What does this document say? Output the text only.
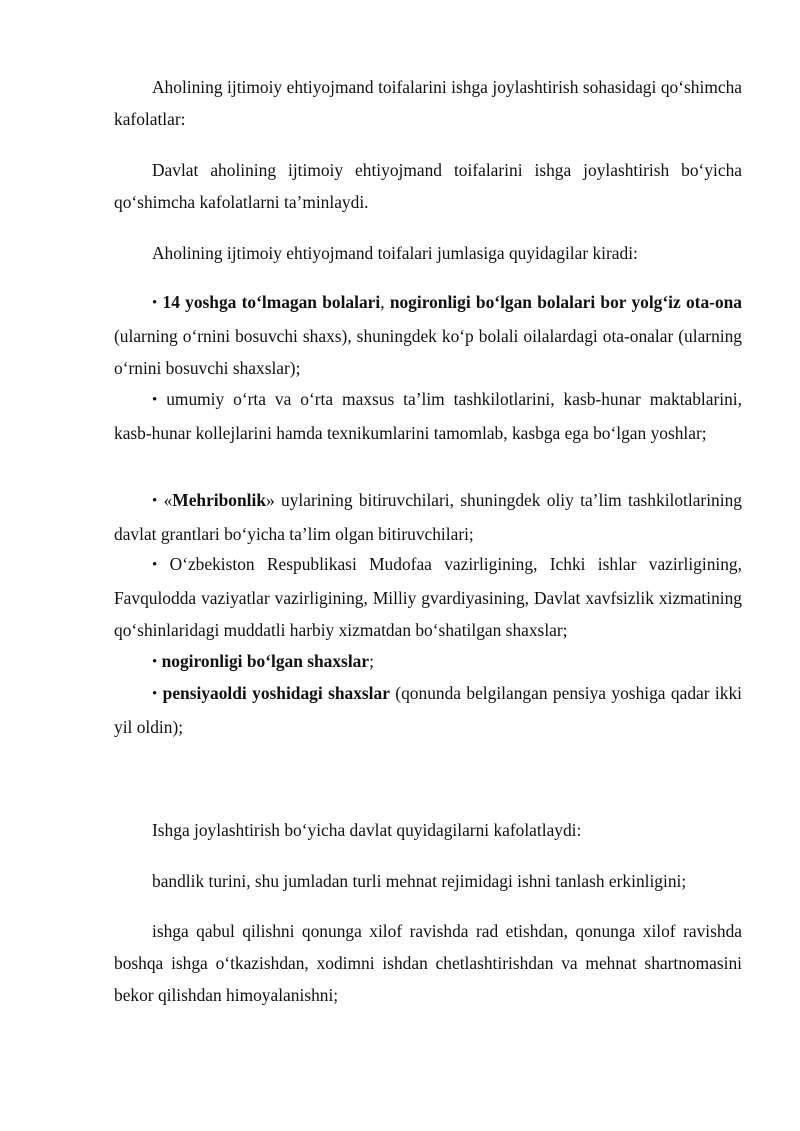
Aholining ijtimoiy ehtiyojmand toifalarini ishga joylashtirish sohasidagi qo‘shimcha kafolatlar:

Davlat aholining ijtimoiy ehtiyojmand toifalarini ishga joylashtirish bo‘yicha qo‘shimcha kafolatlarni ta’minlaydi.

Aholining ijtimoiy ehtiyojmand toifalari jumlasiga quyidagilar kiradi:

• 14 yoshga to‘lmagan bolalari, nogironligi bo‘lgan bolalari bor yolg‘iz ota-ona (ularning o‘rnini bosuvchi shaxs), shuningdek ko‘p bolali oilalardagi ota-onalar (ularning o‘rnini bosuvchi shaxslar);

• umumiy o‘rta va o‘rta maxsus ta’lim tashkilotlarini, kasb-hunar maktablarini, kasb-hunar kollejlarini hamda texnikumlarini tamomlab, kasbga ega bo‘lgan yoshlar;

• «Mehribonlik» uylarining bitiruvchilari, shuningdek oliy ta’lim tashkilotlarining davlat grantlari bo‘yicha ta’lim olgan bitiruvchilari;

• O‘zbekiston Respublikasi Mudofaa vazirligining, Ichki ishlar vazirligining, Favqulodda vaziyatlar vazirligining, Milliy gvardiyasining, Davlat xavfsizlik xizmatining qo‘shinlaridagi muddatli harbiy xizmatdan bo‘shatilgan shaxslar;

• nogironligi bo‘lgan shaxslar;

• pensiyaoldi yoshidagi shaxslar (qonunda belgilangan pensiya yoshiga qadar ikki yil oldin);

Ishga joylashtirish bo‘yicha davlat quyidagilarni kafolatlaydi:

bandlik turini, shu jumladan turli mehnat rejimidagi ishni tanlash erkinligini;

ishga qabul qilishni qonunga xilof ravishda rad etishdan, qonunga xilof ravishda boshqa ishga o‘tkazishdan, xodimni ishdan chetlashtirishdan va mehnat shartnomasini bekor qilishdan himoyalanishni;
